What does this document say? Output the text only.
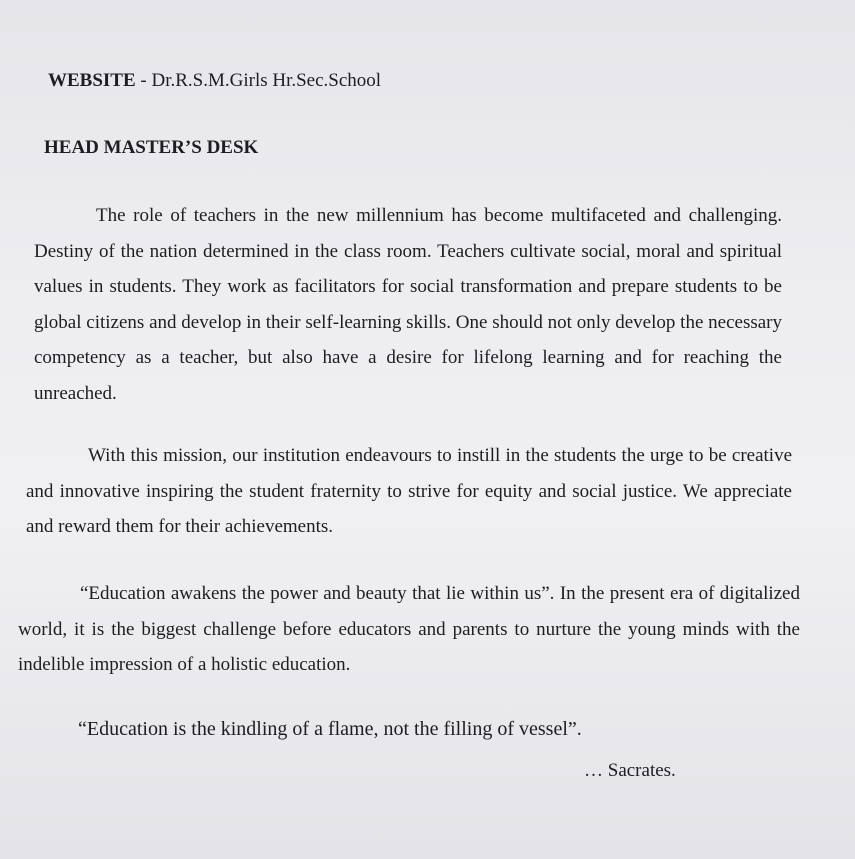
WEBSITE - Dr.R.S.M.Girls Hr.Sec.School
HEAD MASTER’S DESK

The role of teachers in the new millennium has become multifaceted and challenging. Destiny of the nation determined in the class room. Teachers cultivate social, moral and spiritual values in students. They work as facilitators for social transformation and prepare students to be global citizens and develop in their self-learning skills. One should not only develop the necessary competency as a teacher, but also have a desire for lifelong learning and for reaching the unreached.

With this mission, our institution endeavours to instill in the students the urge to be creative and innovative inspiring the student fraternity to strive for equity and social justice. We appreciate and reward them for their achievements.

“Education awakens the power and beauty that lie within us”. In the present era of digitalized world, it is the biggest challenge before educators and parents to nurture the young minds with the indelible impression of a holistic education.

“Education is the kindling of a flame, not the filling of vessel”.
… Sacrates.
